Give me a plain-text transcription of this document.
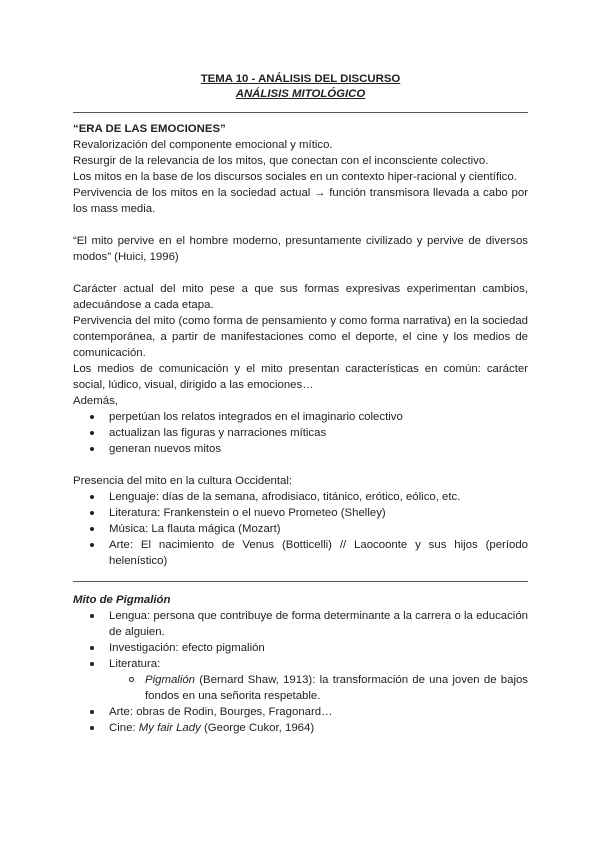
TEMA 10 - ANÁLISIS DEL DISCURSO
ANÁLISIS MITOLÓGICO
“ERA DE LAS EMOCIONES”

Revalorización del componente emocional y mítico.

Resurgir de la relevancia de los mitos, que conectan con el inconsciente colectivo.

Los mitos en la base de los discursos sociales en un contexto hiper-racional y científico.

Pervivencia de los mitos en la sociedad actual → función transmisora llevada a cabo por los mass media.

“El mito pervive en el hombre moderno, presuntamente civilizado y pervive de diversos modos” (Huici, 1996)

Carácter actual del mito pese a que sus formas expresivas experimentan cambios, adecuándose a cada etapa.

Pervivencia del mito (como forma de pensamiento y como forma narrativa) en la sociedad contemporánea, a partir de manifestaciones como el deporte, el cine y los medios de comunicación.

Los medios de comunicación y el mito presentan características en común: carácter social, lúdico, visual, dirigido a las emociones…

Además,

perpetúan los relatos integrados en el imaginario colectivo
actualizan las figuras y narraciones míticas
generan nuevos mitos

Presencia del mito en la cultura Occidental:

Lenguaje: días de la semana, afrodisiaco, titánico, erótico, eólico, etc.
Literatura: Frankenstein o el nuevo Prometeo (Shelley)
Música: La flauta mágica (Mozart)
Arte: El nacimiento de Venus (Botticelli) // Laocoonte y sus hijos (período helenístico)
Mito de Pigmalión
Lengua: persona que contribuye de forma determinante a la carrera o la educación de alguien.
Investigación: efecto pigmalión
Literatura:
Pigmalión (Bernard Shaw, 1913): la transformación de una joven de bajos fondos en una señorita respetable.
Arte: obras de Rodin, Bourges, Fragonard…
Cine: My fair Lady (George Cukor, 1964)
